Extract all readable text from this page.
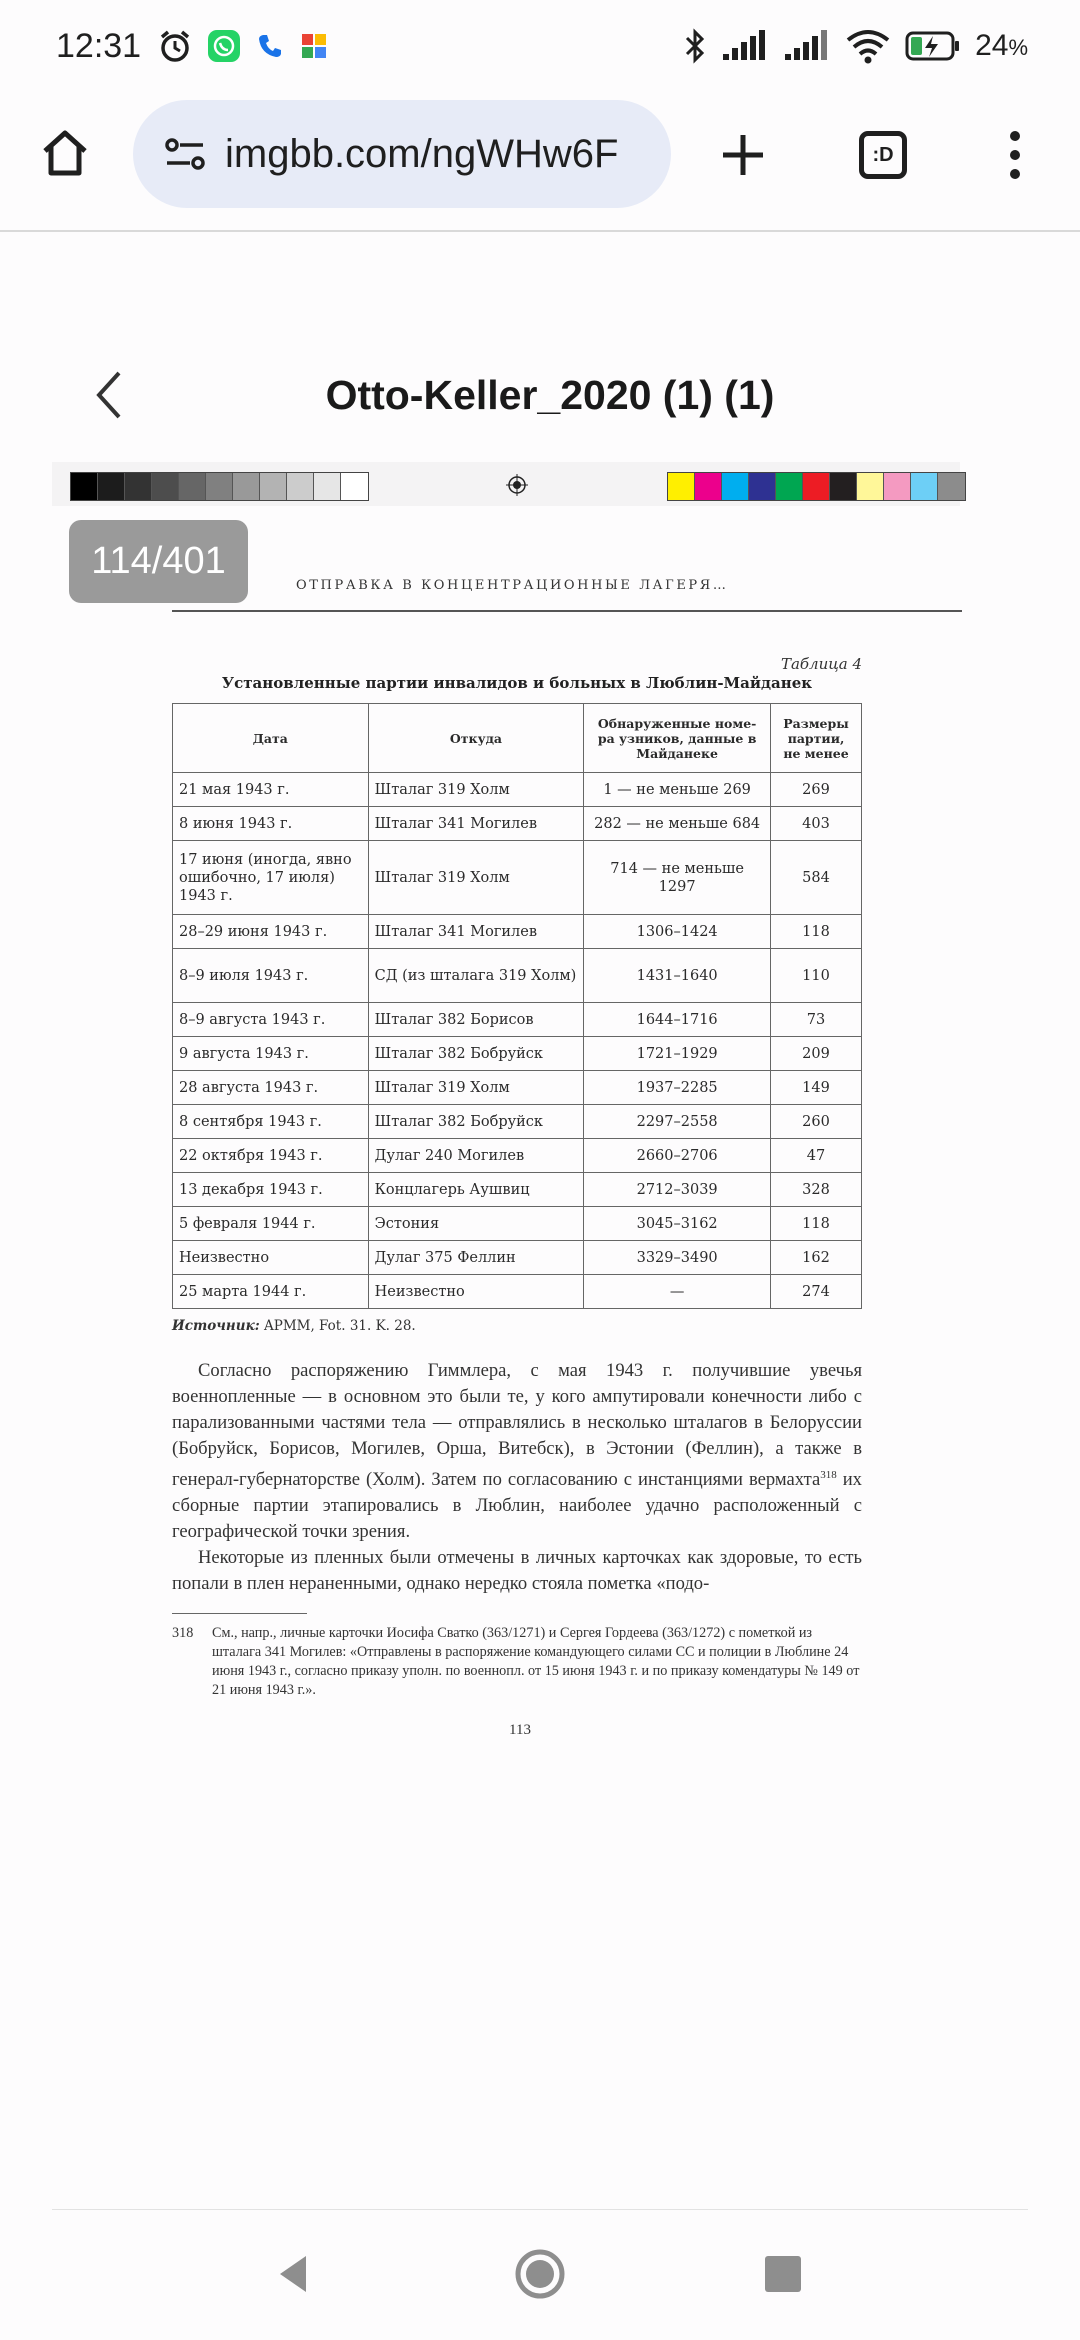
12:31	24%
imgbb.com/ngWHw6F	:D
Otto-Keller_2020 (1) (1)
114/401
ОТПРАВКА В КОНЦЕНТРАЦИОННЫЕ ЛАГЕРЯ…
Таблица 4
Установленные партии инвалидов и больных в Люблин-Майданек
Дата	Откуда	Обнаруженные номе-ра узников, данные в Майданеке	Размеры партии, не менее
21 мая 1943 г.	Шталаг 319 Холм	1 — не меньше 269	269
8 июня 1943 г.	Шталаг 341 Могилев	282 — не меньше 684	403
17 июня (иногда, явно ошибочно, 17 июля) 1943 г.	Шталаг 319 Холм	714 — не меньше 1297	584
28–29 июня 1943 г.	Шталаг 341 Могилев	1306–1424	118
8–9 июля 1943 г.	СД (из шталага 319 Холм)	1431–1640	110
8–9 августа 1943 г.	Шталаг 382 Борисов	1644–1716	73
9 августа 1943 г.	Шталаг 382 Бобруйск	1721–1929	209
28 августа 1943 г.	Шталаг 319 Холм	1937–2285	149
8 сентября 1943 г.	Шталаг 382 Бобруйск	2297–2558	260
22 октября 1943 г.	Дулаг 240 Могилев	2660–2706	47
13 декабря 1943 г.	Концлагерь Аушвиц	2712–3039	328
5 февраля 1944 г.	Эстония	3045–3162	118
Неизвестно	Дулаг 375 Феллин	3329–3490	162
25 марта 1944 г.	Неизвестно	—	274
Источник: APMM, Fot. 31. K. 28.

Согласно распоряжению Гиммлера, с мая 1943 г. получившие увечья военнопленные — в основном это были те, у кого ампутировали конечности либо с парализованными частями тела — отправлялись в несколько шталагов в Белоруссии (Бобруйск, Борисов, Могилев, Орша, Витебск), в Эстонии (Феллин), а также в генерал-губернаторстве (Холм). Затем по согласованию с инстанциями вермахта$^{318}$ их сборные партии этапировались в Люблин, наиболее удачно расположенный с географической точки зрения.

Некоторые из пленных были отмечены в личных карточках как здоровые, то есть попали в плен нераненными, однако нередко стояла пометка «подо-

318	См., напр., личные карточки Иосифа Сватко (363/1271) и Сергея Гордеева (363/1272) с пометкой из шталага 341 Могилев: «Отправлены в распоряжение командующего силами СС и полиции в Люблине 24 июня 1943 г., согласно приказу уполн. по военнопл. от 15 июня 1943 г. и по приказу комендатуры № 149 от 21 июня 1943 г.».
113
